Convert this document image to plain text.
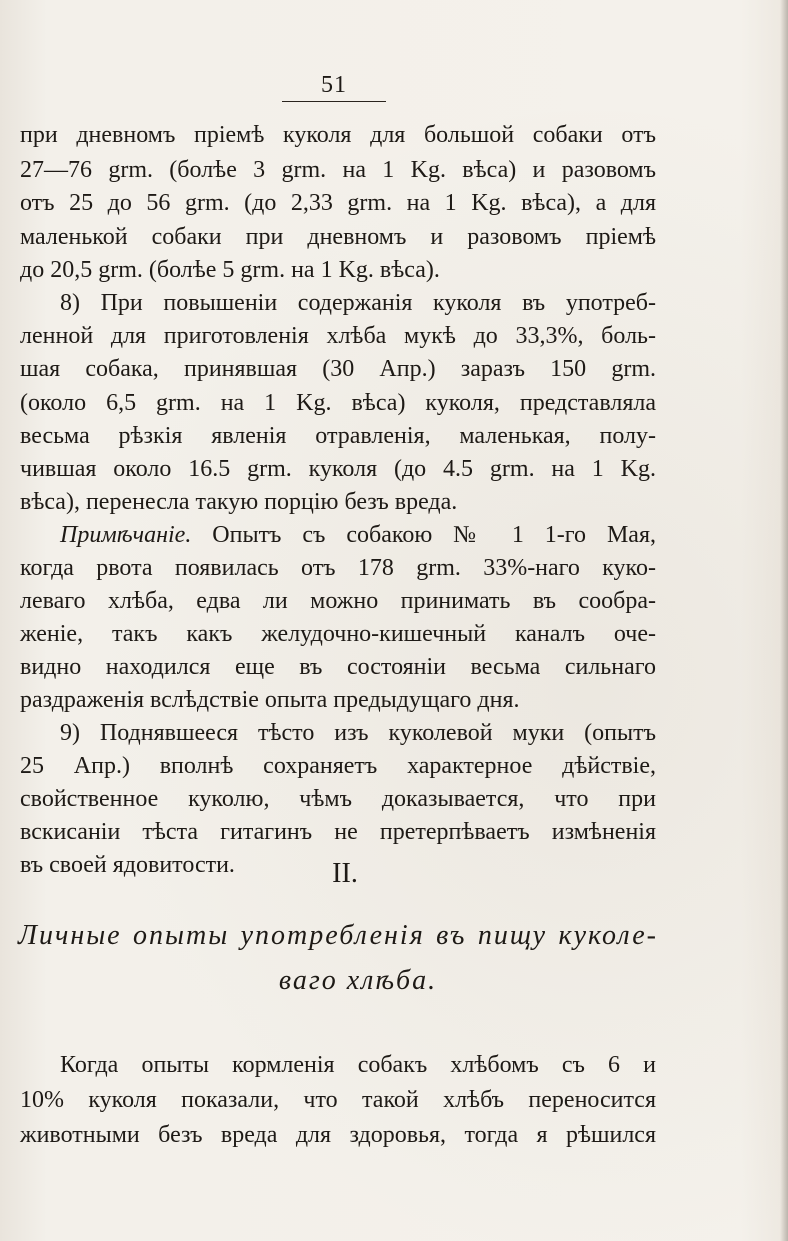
51
при дневномъ пріемѣ куколя для большой собаки отъ
27—76 grm. (болѣе 3 grm. на 1 Kg. вѣса) и разовомъ
отъ 25 до 56 grm. (до 2,33 grm. на 1 Kg. вѣса), а для
маленькой собаки при дневномъ и разовомъ пріемѣ
до 20,5 grm. (болѣе 5 grm. на 1 Kg. вѣса).
8) При повышеніи содержанія куколя въ употреб-
ленной для приготовленія хлѣба мукѣ до 33,3%, боль-
шая собака, принявшая (30 Апр.) заразъ 150 grm.
(около 6,5 grm. на 1 Kg. вѣса) куколя, представляла
весьма рѣзкія явленія отравленія, маленькая, полу-
чившая около 16.5 grm. куколя (до 4.5 grm. на 1 Kg.
вѣса), перенесла такую порцію безъ вреда.
Примѣчаніе. Опытъ съ собакою № 1 1-го Мая,
когда рвота появилась отъ 178 grm. 33%-наго куко-
леваго хлѣба, едва ли можно принимать въ сообра-
женіе, такъ какъ желудочно-кишечный каналъ оче-
видно находился еще въ состояніи весьма сильнаго
раздраженія вслѣдствіе опыта предыдущаго дня.
9) Поднявшееся тѣсто изъ куколевой муки (опытъ
25 Апр.) вполнѣ сохраняетъ характерное дѣйствіе,
свойственное куколю, чѣмъ доказывается, что при
вскисаніи тѣста гитагинъ не претерпѣваетъ измѣненія
въ своей ядовитости.	II.
Личные опыты употребленія въ пищу куколе-
ваго хлѣба.
Когда опыты кормленія собакъ хлѣбомъ съ 6 и
10% куколя показали, что такой хлѣбъ переносится
животными безъ вреда для здоровья, тогда я рѣшился
